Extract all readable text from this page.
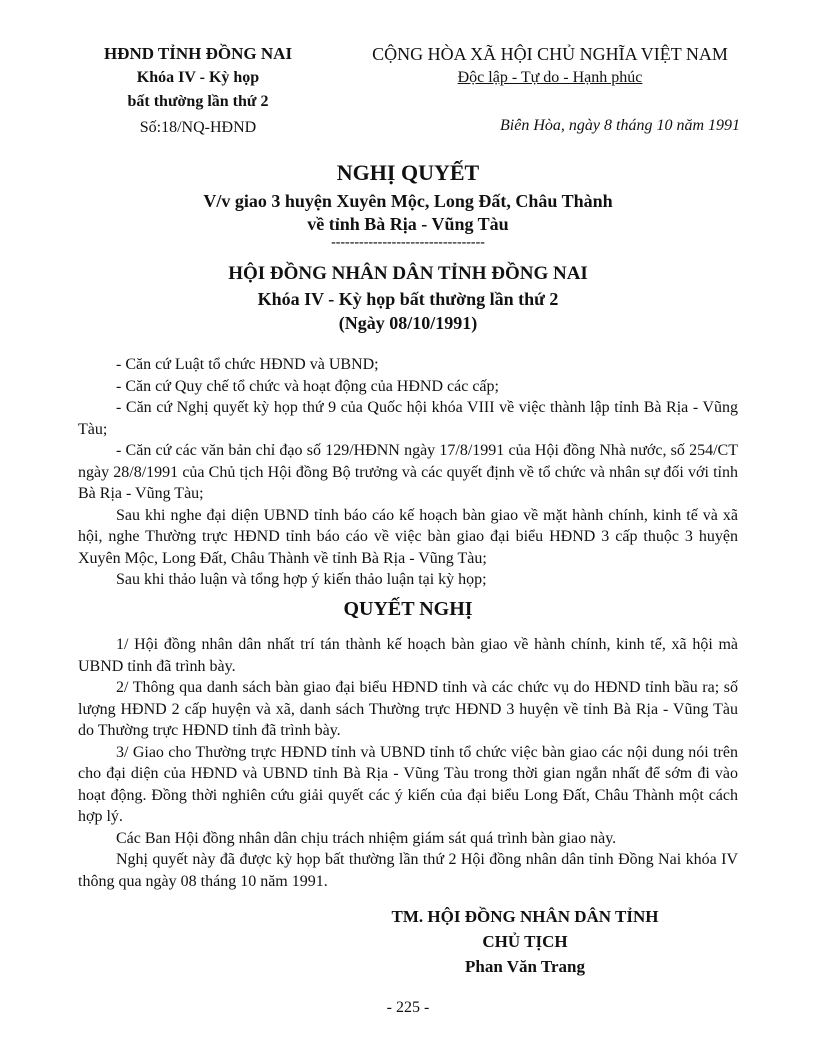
HĐND TỈNH ĐỒNG NAI
Khóa IV - Kỳ họp
bất thường lần thứ 2
Số:18/NQ-HĐND
CỘNG HÒA XÃ HỘI CHỦ NGHĨA VIỆT NAM
Độc lập - Tự do - Hạnh phúc
Biên Hòa, ngày 8 tháng 10 năm 1991
NGHỊ QUYẾT
V/v giao 3 huyện Xuyên Mộc, Long Đất, Châu Thành
về tỉnh Bà Rịa - Vũng Tàu
---------------------------------
HỘI ĐỒNG NHÂN DÂN TỈNH ĐỒNG NAI
Khóa IV - Kỳ họp bất thường lần thứ 2
(Ngày 08/10/1991)

- Căn cứ Luật tổ chức HĐND và UBND;

- Căn cứ Quy chế tổ chức và hoạt động của HĐND các cấp;

- Căn cứ Nghị quyết kỳ họp thứ 9 của Quốc hội khóa VIII về việc thành lập tỉnh Bà Rịa - Vũng Tàu;

- Căn cứ các văn bản chỉ đạo số 129/HĐNN ngày 17/8/1991 của Hội đồng Nhà nước, số 254/CT ngày 28/8/1991 của Chủ tịch Hội đồng Bộ trưởng và các quyết định về tổ chức và nhân sự đối với tỉnh Bà Rịa - Vũng Tàu;

Sau khi nghe đại diện UBND tỉnh báo cáo kế hoạch bàn giao về mặt hành chính, kinh tế và xã hội, nghe Thường trực HĐND tỉnh báo cáo về việc bàn giao đại biểu HĐND 3 cấp thuộc 3 huyện Xuyên Mộc, Long Đất, Châu Thành về tỉnh Bà Rịa - Vũng Tàu;

Sau khi thảo luận và tổng hợp ý kiến thảo luận tại kỳ họp;

QUYẾT NGHỊ

1/ Hội đồng nhân dân nhất trí tán thành kế hoạch bàn giao về hành chính, kinh tế, xã hội mà UBND tỉnh đã trình bày.

2/ Thông qua danh sách bàn giao đại biểu HĐND tỉnh và các chức vụ do HĐND tỉnh bầu ra; số lượng HĐND 2 cấp huyện và xã, danh sách Thường trực HĐND 3 huyện về tỉnh Bà Rịa - Vũng Tàu do Thường trực HĐND tỉnh đã trình bày.

3/ Giao cho Thường trực HĐND tỉnh và UBND tỉnh tổ chức việc bàn giao các nội dung nói trên cho đại diện của HĐND và UBND tỉnh Bà Rịa - Vũng Tàu trong thời gian ngắn nhất để sớm đi vào hoạt động. Đồng thời nghiên cứu giải quyết các ý kiến của đại biểu Long Đất, Châu Thành một cách hợp lý.

Các Ban Hội đồng nhân dân chịu trách nhiệm giám sát quá trình bàn giao này.

Nghị quyết này đã được kỳ họp bất thường lần thứ 2 Hội đồng nhân dân tỉnh Đồng Nai khóa IV thông qua ngày 08 tháng 10 năm 1991.

TM. HỘI ĐỒNG NHÂN DÂN TỈNH
CHỦ TỊCH
Phan Văn Trang
- 225 -
